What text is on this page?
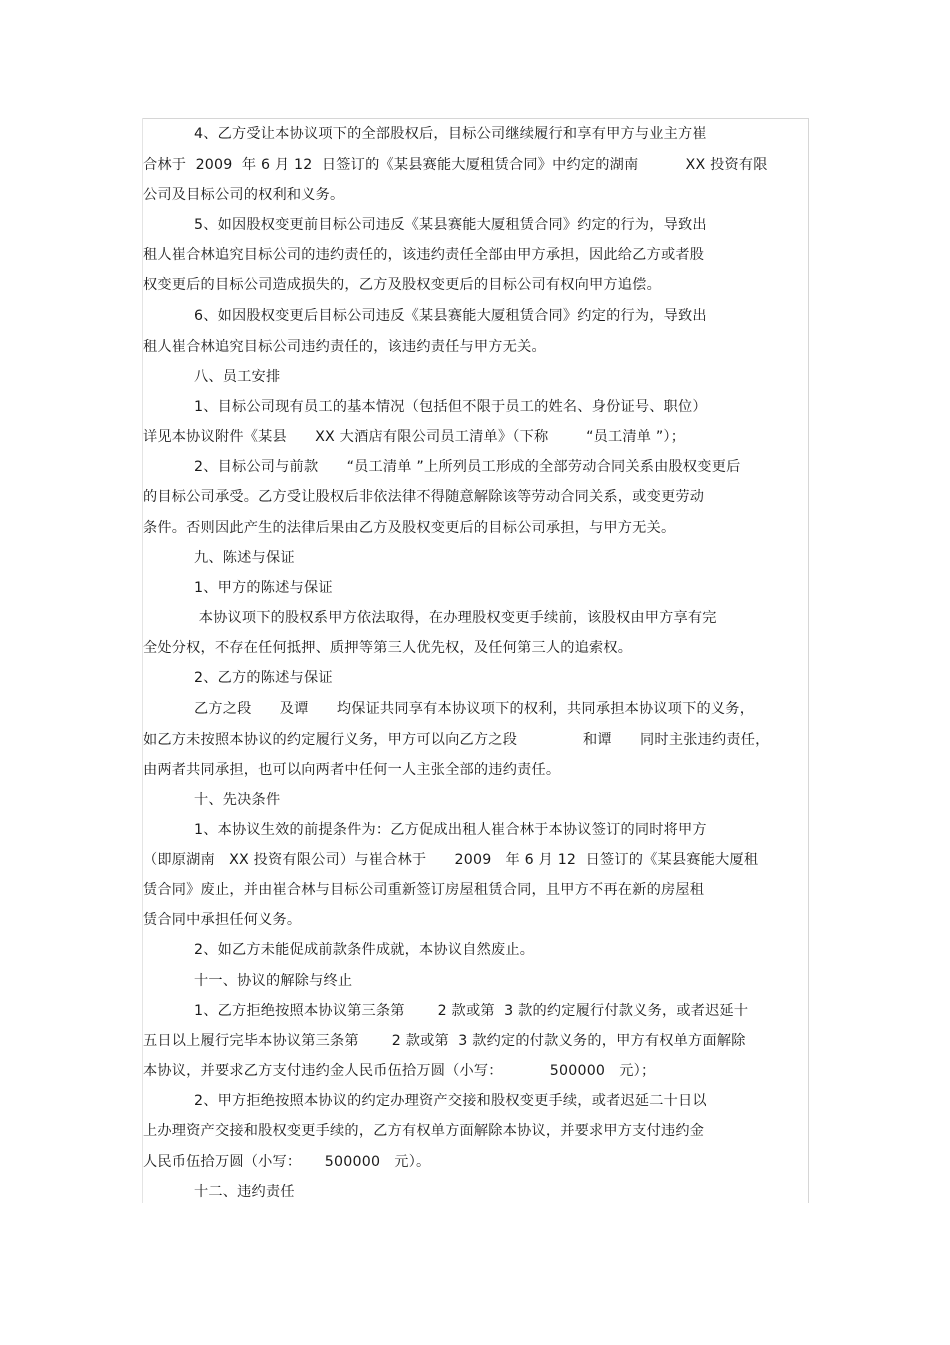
4、乙方受让本协议项下的全部股权后，目标公司继续履行和享有甲方与业主方崔
合林于  2009  年 6 月 12  日签订的《某县赛能大厦租赁合同》中约定的湖南          XX 投资有限
公司及目标公司的权利和义务。
5、如因股权变更前目标公司违反《某县赛能大厦租赁合同》约定的行为，导致出
租人崔合林追究目标公司的违约责任的，该违约责任全部由甲方承担，因此给乙方或者股
权变更后的目标公司造成损失的，乙方及股权变更后的目标公司有权向甲方追偿。
6、如因股权变更后目标公司违反《某县赛能大厦租赁合同》约定的行为，导致出
租人崔合林追究目标公司违约责任的，该违约责任与甲方无关。
八、员工安排
1、目标公司现有员工的基本情况（包括但不限于员工的姓名、身份证号、职位）
详见本协议附件《某县      XX 大酒店有限公司员工清单》（下称        “员工清单 ”）；
2、目标公司与前款      “员工清单 ”上所列员工形成的全部劳动合同关系由股权变更后
的目标公司承受。乙方受让股权后非依法律不得随意解除该等劳动合同关系，或变更劳动
条件。否则因此产生的法律后果由乙方及股权变更后的目标公司承担，与甲方无关。
九、陈述与保证
1、甲方的陈述与保证
本协议项下的股权系甲方依法取得，在办理股权变更手续前，该股权由甲方享有完
全处分权，不存在任何抵押、质押等第三人优先权，及任何第三人的追索权。
2、乙方的陈述与保证
乙方之段      及谭      均保证共同享有本协议项下的权利，共同承担本协议项下的义务，
如乙方未按照本协议的约定履行义务，甲方可以向乙方之段              和谭      同时主张违约责任，
由两者共同承担，也可以向两者中任何一人主张全部的违约责任。
十、先决条件
1、本协议生效的前提条件为：乙方促成出租人崔合林于本协议签订的同时将甲方
（即原湖南   XX 投资有限公司）与崔合林于      2009   年 6 月 12  日签订的《某县赛能大厦租
赁合同》废止，并由崔合林与目标公司重新签订房屋租赁合同，且甲方不再在新的房屋租
赁合同中承担任何义务。
2、如乙方未能促成前款条件成就，本协议自然废止。
十一、协议的解除与终止
1、乙方拒绝按照本协议第三条第       2 款或第  3 款的约定履行付款义务，或者迟延十
五日以上履行完毕本协议第三条第       2 款或第  3 款约定的付款义务的，甲方有权单方面解除
本协议，并要求乙方支付违约金人民币伍拾万圆（小写：          500000   元）；
2、甲方拒绝按照本协议的约定办理资产交接和股权变更手续，或者迟延二十日以
上办理资产交接和股权变更手续的，乙方有权单方面解除本协议，并要求甲方支付违约金
人民币伍拾万圆（小写：     500000   元）。
十二、违约责任
